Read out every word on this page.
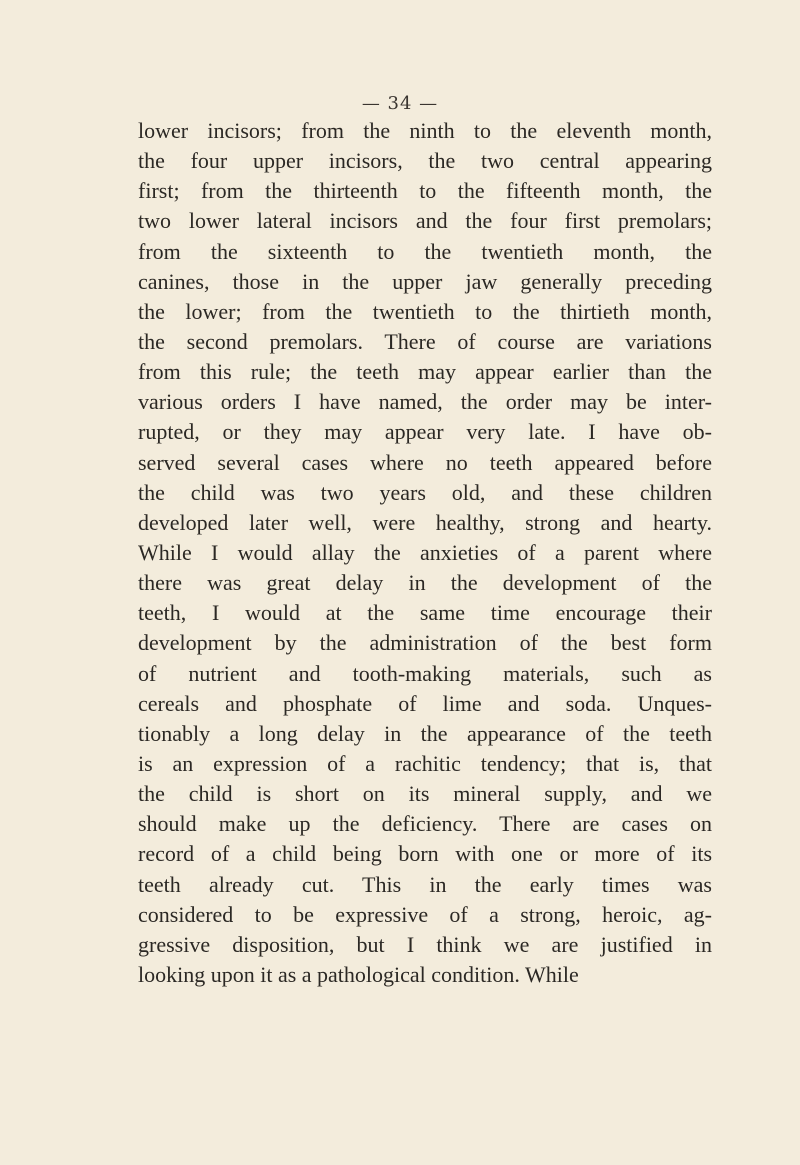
— 34 —
lower incisors; from the ninth to the eleventh month,
the four upper incisors, the two central appearing
first; from the thirteenth to the fifteenth month, the
two lower lateral incisors and the four first premolars;
from the sixteenth to the twentieth month, the
canines, those in the upper jaw generally preceding
the lower; from the twentieth to the thirtieth month,
the second premolars. There of course are variations
from this rule; the teeth may appear earlier than the
various orders I have named, the order may be inter-
rupted, or they may appear very late. I have ob-
served several cases where no teeth appeared before
the child was two years old, and these children
developed later well, were healthy, strong and hearty.
While I would allay the anxieties of a parent where
there was great delay in the development of the
teeth, I would at the same time encourage their
development by the administration of the best form
of nutrient and tooth-making materials, such as
cereals and phosphate of lime and soda. Unques-
tionably a long delay in the appearance of the teeth
is an expression of a rachitic tendency; that is, that
the child is short on its mineral supply, and we
should make up the deficiency. There are cases on
record of a child being born with one or more of its
teeth already cut. This in the early times was
considered to be expressive of a strong, heroic, ag-
gressive disposition, but I think we are justified in
looking upon it as a pathological condition. While
